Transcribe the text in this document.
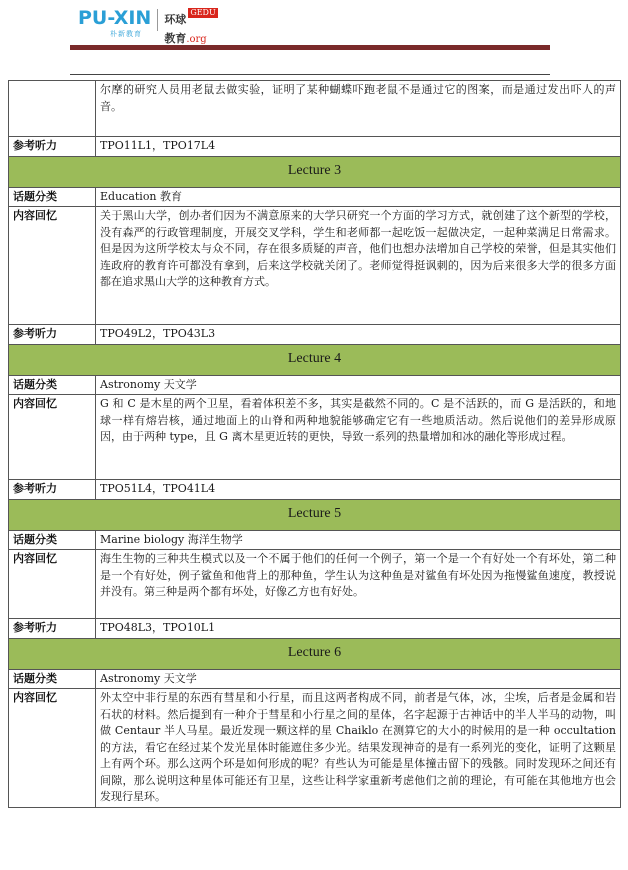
PU-XIN
朴新教育
环球GEDU
教育.org
	尔摩的研究人员用老鼠去做实验，证明了某种蝴蝶吓跑老鼠不是通过它的图案，而是通过发出吓人的声音。
参考听力	TPO11L1，TPO17L4
Lecture 3	
话题分类	Education 教育
内容回忆	关于黑山大学，创办者们因为不满意原来的大学只研究一个方面的学习方式，就创建了这个新型的学校，没有森严的行政管理制度，开展交叉学科，学生和老师都一起吃饭一起做决定，一起种菜满足日常需求。但是因为这所学校太与众不同，存在很多质疑的声音，他们也想办法增加自己学校的荣誉，但是其实他们连政府的教育许可都没有拿到，后来这学校就关闭了。老师觉得挺讽刺的，因为后来很多大学的很多方面都在追求黑山大学的这种教育方式。
参考听力	TPO49L2，TPO43L3
Lecture 4	
话题分类	Astronomy 天文学
内容回忆	G 和 C 是木星的两个卫星，看着体积差不多，其实是截然不同的。C 是不活跃的，而 G 是活跃的，和地球一样有熔岩核，通过地面上的山脊和两种地貌能够确定它有一些地质活动。然后说他们的差异形成原因，由于两种 type，且 G 离木星更近转的更快，导致一系列的热量增加和冰的融化等形成过程。
参考听力	TPO51L4，TPO41L4
Lecture 5	
话题分类	Marine biology 海洋生物学
内容回忆	海生生物的三种共生模式以及一个不属于他们的任何一个例子，第一个是一个有好处一个有坏处，第二种是一个有好处，例子鲨鱼和他背上的那种鱼，学生认为这种鱼是对鲨鱼有坏处因为拖慢鲨鱼速度，教授说并没有。第三种是两个都有坏处，好像乙方也有好处。
参考听力	TPO48L3，TPO10L1
Lecture 6	
话题分类	Astronomy 天文学
内容回忆	外太空中非行星的东西有彗星和小行星，而且这两者构成不同，前者是气体，冰，尘埃，后者是金属和岩石状的材料。然后提到有一种介于彗星和小行星之间的星体，名字起源于古神话中的半人半马的动物，叫做 Centaur 半人马星。最近发现一颗这样的星 Chaiklo 在测算它的大小的时候用的是一种 occultation 的方法，看它在经过某个发光星体时能遮住多少光。结果发现神奇的是有一系列光的变化，证明了这颗星上有两个环。那么这两个环是如何形成的呢？有些认为可能是星体撞击留下的残骸。同时发现环之间还有间隙，那么说明这种星体可能还有卫星，这些让科学家重新考虑他们之前的理论，有可能在其他地方也会发现行星环。
